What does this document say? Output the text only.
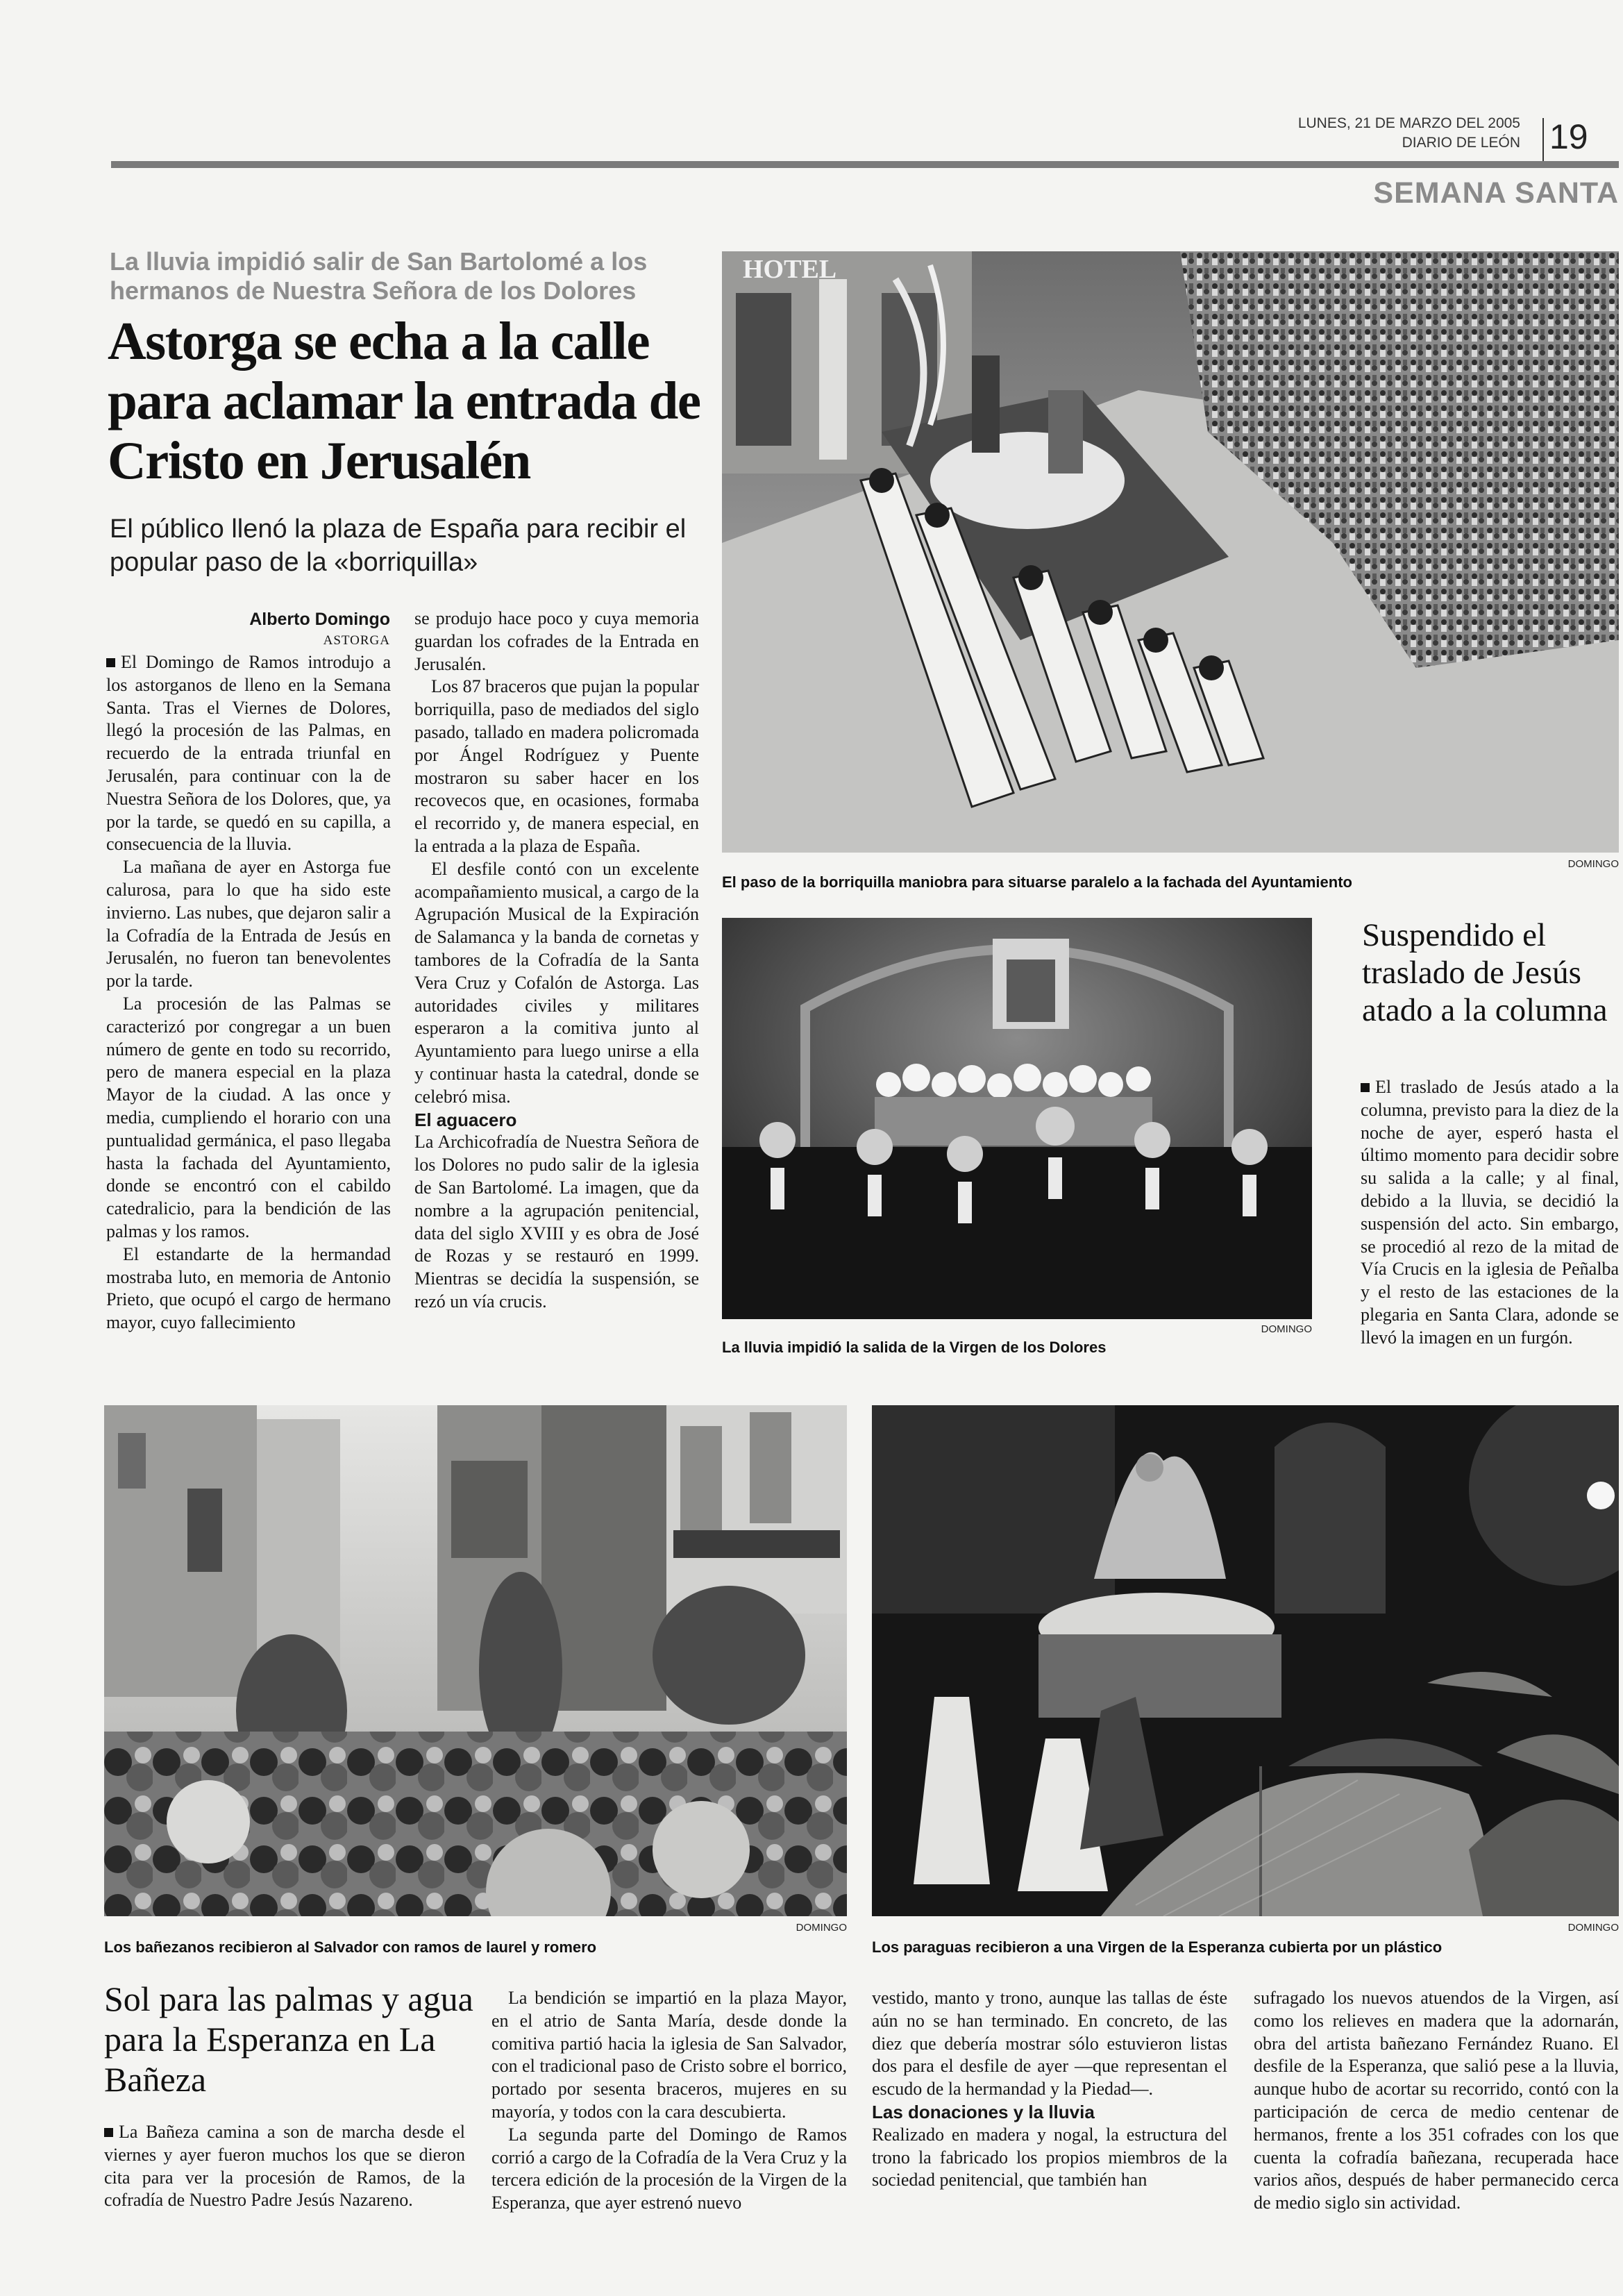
LUNES, 21 DE MARZO DEL 2005
DIARIO DE LEÓN 19
SEMANA SANTA
La lluvia impidió salir de San Bartolomé a los hermanos de Nuestra Señora de los Dolores
Astorga se echa a la calle para aclamar la entrada de Cristo en Jerusalén
El público llenó la plaza de España para recibir el popular paso de la «borriquilla»
Alberto Domingo
ASTORGA

El Domingo de Ramos introdujo a los astorganos de lleno en la Semana Santa. Tras el Viernes de Dolores, llegó la procesión de las Palmas, en recuerdo de la entrada triunfal en Jerusalén, para continuar con la de Nuestra Señora de los Dolores, que, ya por la tarde, se quedó en su capilla, a consecuencia de la lluvia.

La mañana de ayer en Astorga fue calurosa, para lo que ha sido este invierno. Las nubes, que dejaron salir a la Cofradía de la Entrada de Jesús en Jerusalén, no fueron tan benevolentes por la tarde.

La procesión de las Palmas se caracterizó por congregar a un buen número de gente en todo su recorrido, pero de manera especial en la plaza Mayor de la ciudad. A las once y media, cumpliendo el horario con una puntualidad germánica, el paso llegaba hasta la fachada del Ayuntamiento, donde se encontró con el cabildo catedralicio, para la bendición de las palmas y los ramos.

El estandarte de la hermandad mostraba luto, en memoria de Antonio Prieto, que ocupó el cargo de hermano mayor, cuyo fallecimiento

se produjo hace poco y cuya memoria guardan los cofrades de la Entrada en Jerusalén.

Los 87 braceros que pujan la popular borriquilla, paso de mediados del siglo pasado, tallado en madera policromada por Ángel Rodríguez y Puente mostraron su saber hacer en los recovecos que, en ocasiones, formaba el recorrido y, de manera especial, en la entrada a la plaza de España.

El desfile contó con un excelente acompañamiento musical, a cargo de la Agrupación Musical de la Expiración de Salamanca y la banda de cornetas y tambores de la Cofradía de la Santa Vera Cruz y Cofalón de Astorga. Las autoridades civiles y militares esperaron a la comitiva junto al Ayuntamiento para luego unirse a ella y continuar hasta la catedral, donde se celebró misa.

El aguacero

La Archicofradía de Nuestra Señora de los Dolores no pudo salir de la iglesia de San Bartolomé. La imagen, que da nombre a la agrupación penitencial, data del siglo XVIII y es obra de José de Rozas y se restauró en 1999. Mientras se decidía la suspensión, se rezó un vía crucis.

HOTEL
DOMINGO
El paso de la borriquilla maniobra para situarse paralelo a la fachada del Ayuntamiento
DOMINGO
La lluvia impidió la salida de la Virgen de los Dolores
Suspendido el traslado de Jesús atado a la columna
El traslado de Jesús atado a la columna, previsto para la diez de la noche de ayer, esperó hasta el último momento para decidir sobre su salida a la calle; y al final, debido a la lluvia, se decidió la suspensión del acto. Sin embargo, se procedió al rezo de la mitad de Vía Crucis en la iglesia de Peñalba y el resto de las estaciones de la plegaria en Santa Clara, adonde se llevó la imagen en un furgón.
DOMINGO
Los bañezanos recibieron al Salvador con ramos de laurel y romero
DOMINGO
Los paraguas recibieron a una Virgen de la Esperanza cubierta por un plástico
Sol para las palmas y agua para la Esperanza en La Bañeza
La Bañeza camina a son de marcha desde el viernes y ayer fueron muchos los que se dieron cita para ver la procesión de Ramos, de la cofradía de Nuestro Padre Jesús Nazareno.

La bendición se impartió en la plaza Mayor, en el atrio de Santa María, desde donde la comitiva partió hacia la iglesia de San Salvador, con el tradicional paso de Cristo sobre el borrico, portado por sesenta braceros, mujeres en su mayoría, y todos con la cara descubierta.

La segunda parte del Domingo de Ramos corrió a cargo de la Cofradía de la Vera Cruz y la tercera edición de la procesión de la Virgen de la Esperanza, que ayer estrenó nuevo

vestido, manto y trono, aunque las tallas de éste aún no se han terminado. En concreto, de las diez que debería mostrar sólo estuvieron listas dos para el desfile de ayer —que representan el escudo de la hermandad y la Piedad—.

Las donaciones y la lluvia

Realizado en madera y nogal, la estructura del trono la fabricado los propios miembros de la sociedad penitencial, que también han

sufragado los nuevos atuendos de la Virgen, así como los relieves en madera que la adornarán, obra del artista bañezano Fernández Ruano. El desfile de la Esperanza, que salió pese a la lluvia, aunque hubo de acortar su recorrido, contó con la participación de cerca de medio centenar de hermanos, frente a los 351 cofrades con los que cuenta la cofradía bañezana, recuperada hace varios años, después de haber permanecido cerca de medio siglo sin actividad.
